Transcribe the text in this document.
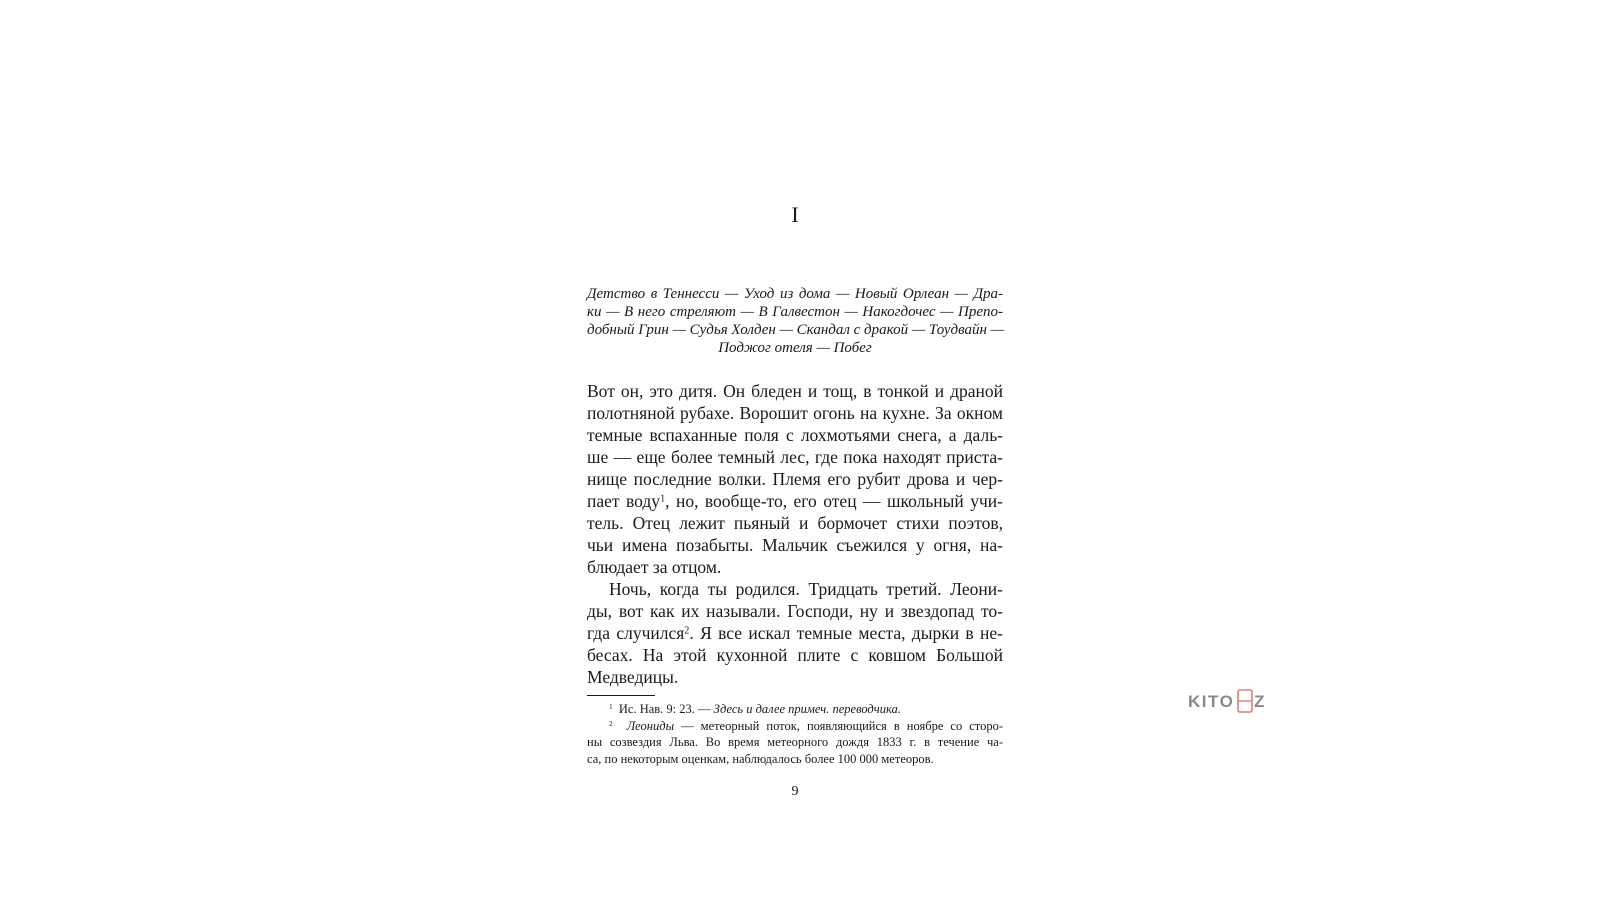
I
Детство в Теннесси — Уход из дома — Новый Орлеан — Дра-
ки — В него стреляют — В Галвестон — Накогдочес — Препо-
добный Грин — Судья Холден — Скандал с дракой — Тоудвайн —
Поджог отеля — Побег
Вот он, это дитя. Он бледен и тощ, в тонкой и драной
полотняной рубахе. Ворошит огонь на кухне. За окном
темные вспаханные поля с лохмотьями снега, а даль-
ше — еще более темный лес, где пока находят приста-
нище последние волки. Племя его рубит дрова и чер-
пает воду$^1$, но, вообще-то, его отец — школьный учи-
тель. Отец лежит пьяный и бормочет стихи поэтов,
чьи имена позабыты. Мальчик съежился у огня, на-
блюдает за отцом.
Ночь, когда ты родился. Тридцать третий. Леони-
ды, вот как их называли. Господи, ну и звездопад то-
гда случился$^2$. Я все искал темные места, дырки в не-
бесах. На этой кухонной плите с ковшом Большой
Медведицы.
$^1$ Ис. Нав. 9: 23. — Здесь и далее примеч. переводчика.
$^2$ Леониды — метеорный поток, появляющийся в ноябре со сторо-
ны созвездия Льва. Во время метеорного дождя 1833 г. в течение ча-
са, по некоторым оценкам, наблюдалось более 100 000 метеоров.
9
KITO Z
